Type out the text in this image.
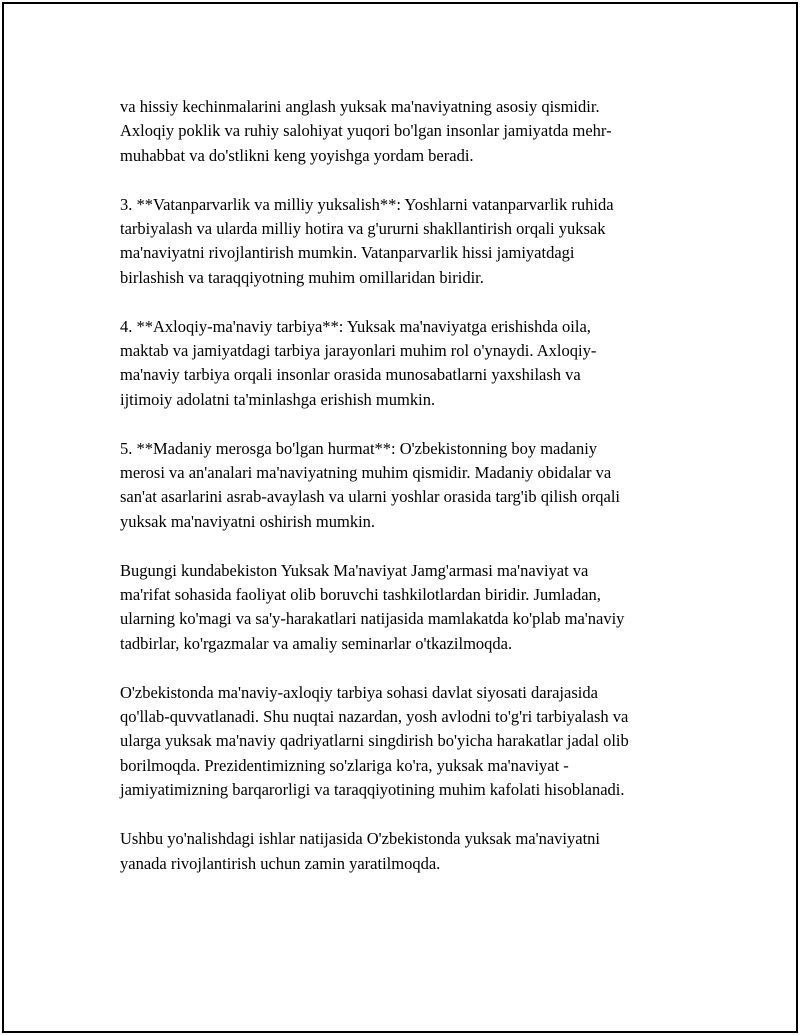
va hissiy kechinmalarini anglash yuksak ma'naviyatning asosiy qismidir.
Axloqiy poklik va ruhiy salohiyat yuqori bo'lgan insonlar jamiyatda mehr-
muhabbat va do'stlikni keng yoyishga yordam beradi.

3. **Vatanparvarlik va milliy yuksalish**: Yoshlarni vatanparvarlik ruhida
tarbiyalash va ularda milliy hotira va g'ururni shakllantirish orqali yuksak
ma'naviyatni rivojlantirish mumkin. Vatanparvarlik hissi jamiyatdagi
birlashish va taraqqiyotning muhim omillaridan biridir.

4. **Axloqiy-ma'naviy tarbiya**: Yuksak ma'naviyatga erishishda oila,
maktab va jamiyatdagi tarbiya jarayonlari muhim rol o'ynaydi. Axloqiy-
ma'naviy tarbiya orqali insonlar orasida munosabatlarni yaxshilash va
ijtimoiy adolatni ta'minlashga erishish mumkin.

5. **Madaniy merosga bo'lgan hurmat**: O'zbekistonning boy madaniy
merosi va an'analari ma'naviyatning muhim qismidir. Madaniy obidalar va
san'at asarlarini asrab-avaylash va ularni yoshlar orasida targ'ib qilish orqali
yuksak ma'naviyatni oshirish mumkin.

Bugungi kundabekiston Yuksak Ma'naviyat Jamg'armasi ma'naviyat va
ma'rifat sohasida faoliyat olib boruvchi tashkilotlardan biridir. Jumladan,
ularning ko'magi va sa'y-harakatlari natijasida mamlakatda ko'plab ma'naviy
tadbirlar, ko'rgazmalar va amaliy seminarlar o'tkazilmoqda.

O'zbekistonda ma'naviy-axloqiy tarbiya sohasi davlat siyosati darajasida
qo'llab-quvvatlanadi. Shu nuqtai nazardan, yosh avlodni to'g'ri tarbiyalash va
ularga yuksak ma'naviy qadriyatlarni singdirish bo'yicha harakatlar jadal olib
borilmoqda. Prezidentimizning so'zlariga ko'ra, yuksak ma'naviyat -
jamiyatimizning barqarorligi va taraqqiyotining muhim kafolati hisoblanadi.

Ushbu yo'nalishdagi ishlar natijasida O'zbekistonda yuksak ma'naviyatni
yanada rivojlantirish uchun zamin yaratilmoqda.
